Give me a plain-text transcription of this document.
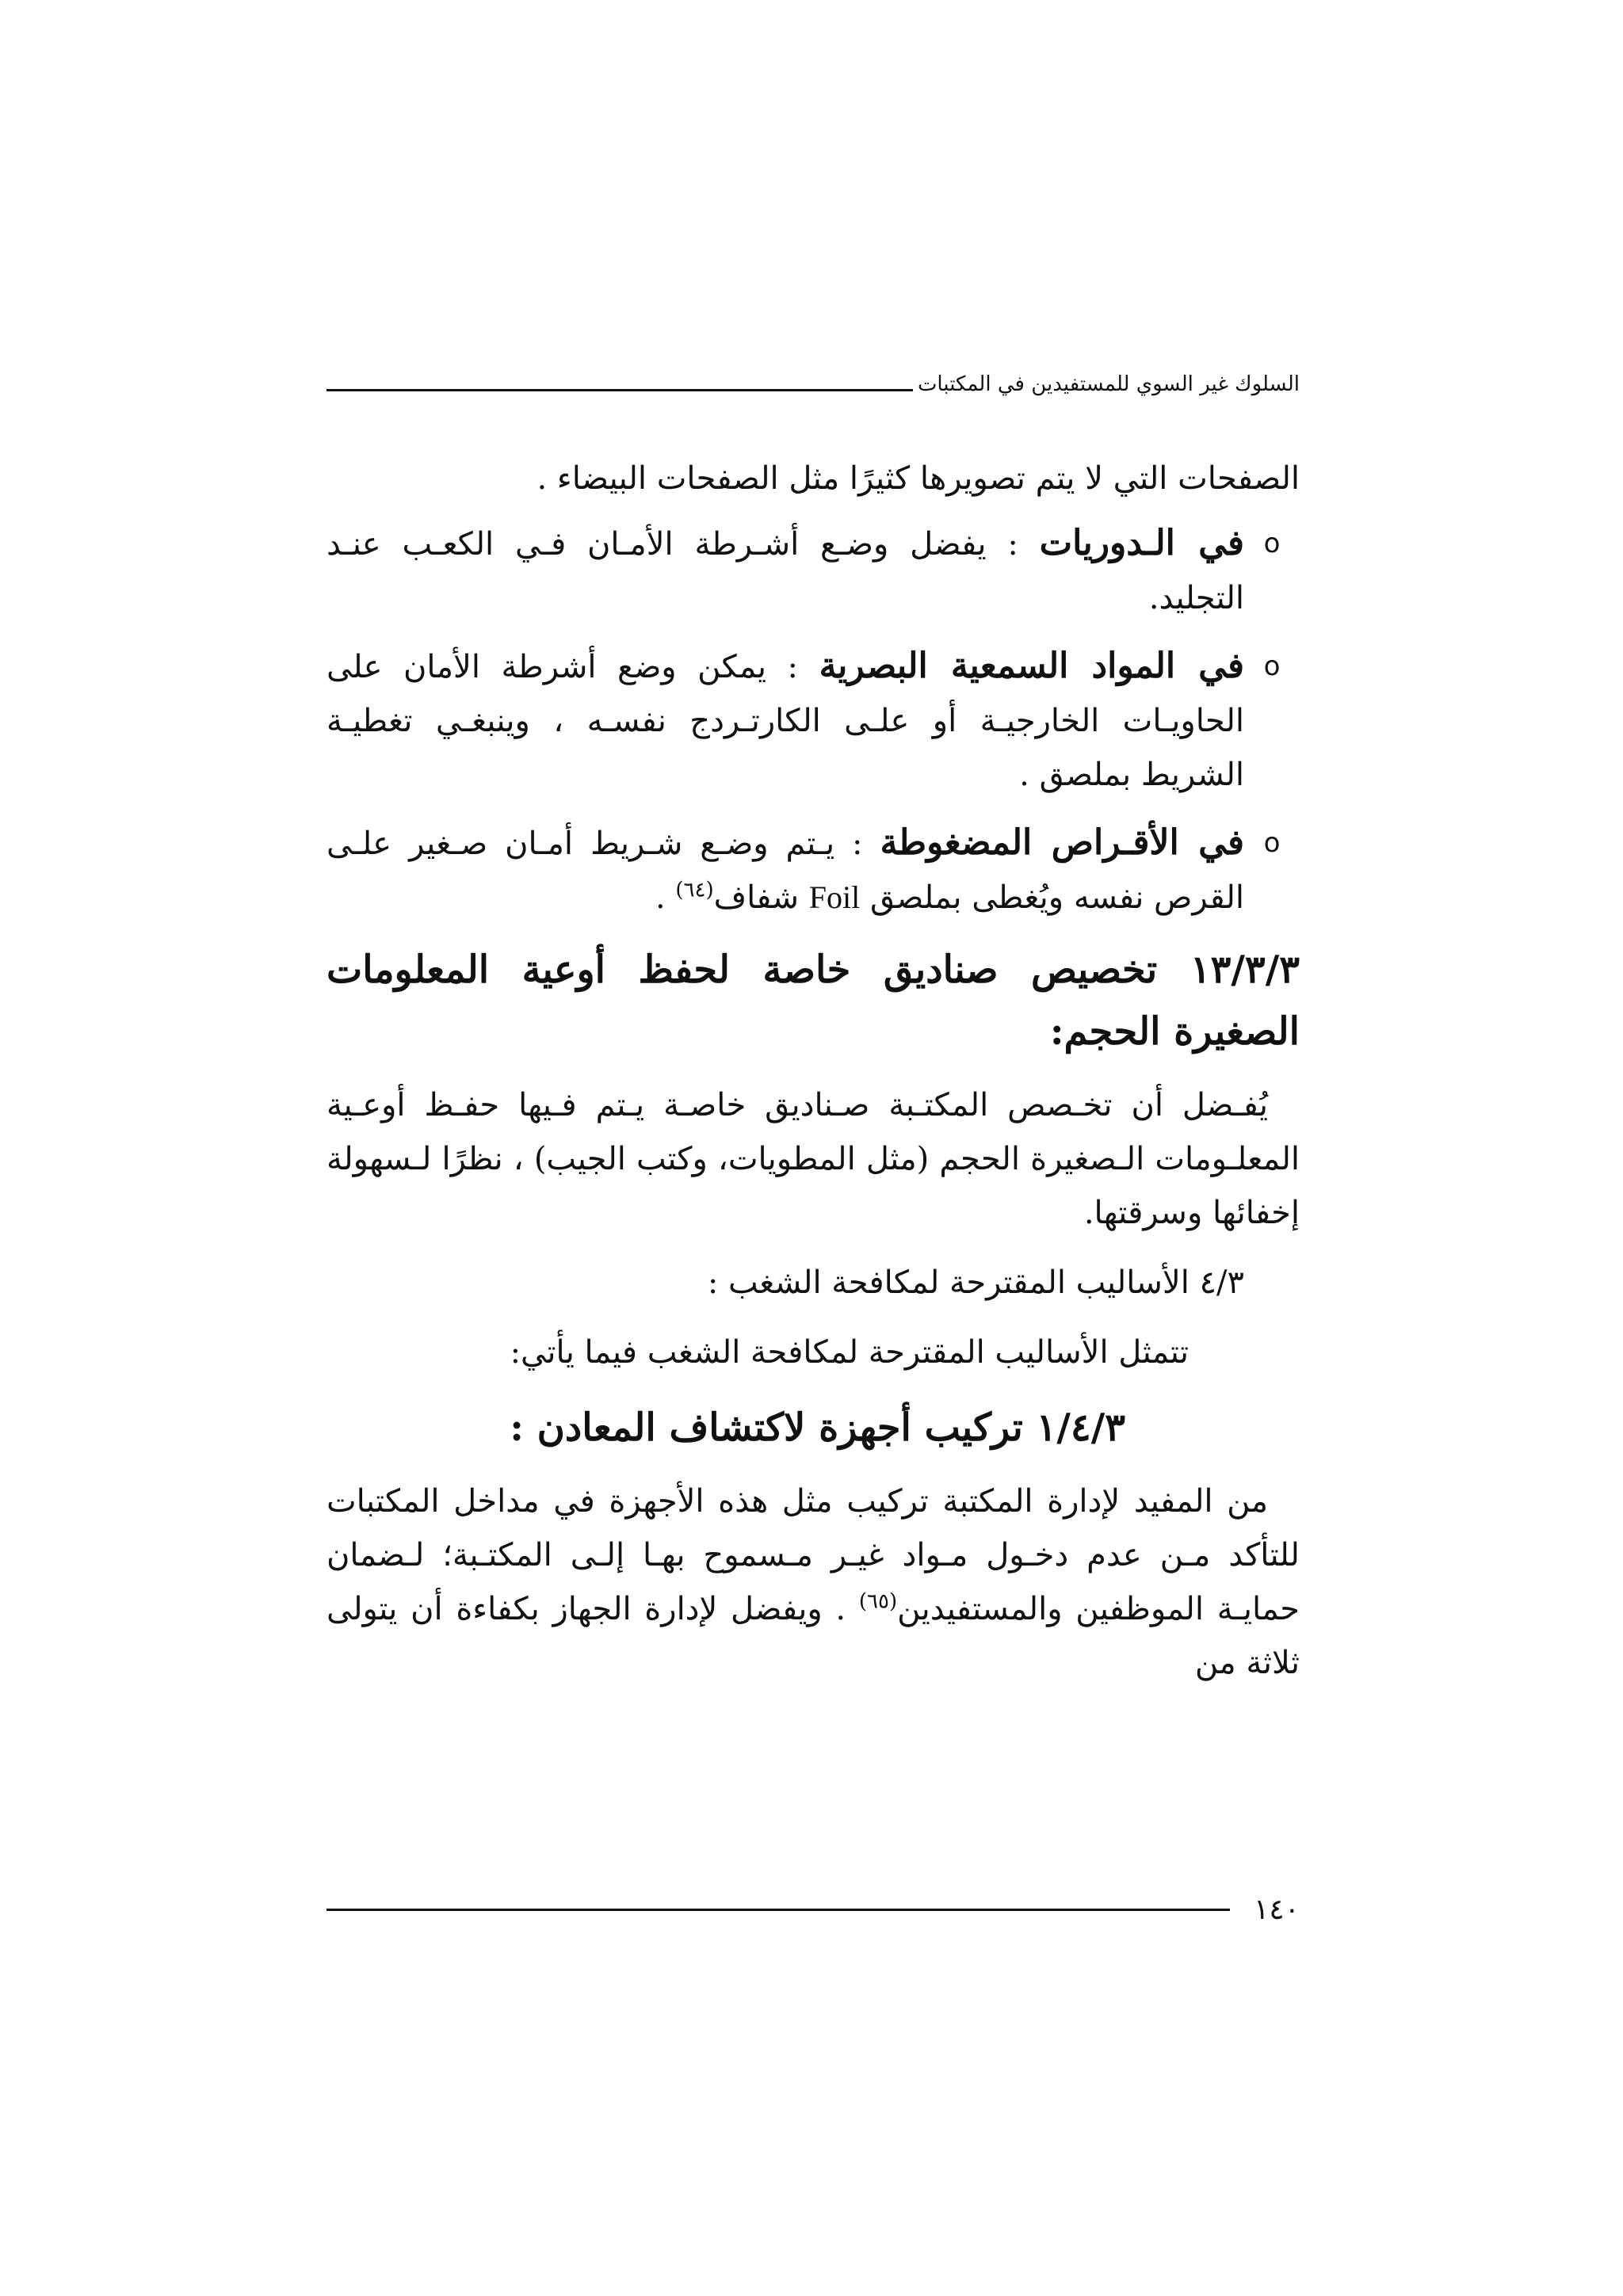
السلوك غير السوي للمستفيدين في المكتبات

الصفحات التي لا يتم تصويرها كثيرًا مثل الصفحات البيضاء .

o
في الـدوريات : يفضل وضـع أشـرطة الأمـان فـي الكعـب عنـد التجليد.
o
في المواد السمعية البصرية : يمكن وضع أشرطة الأمان على الحاويـات الخارجيـة أو علـى الكارتـردج نفسـه ، وينبغـي تغطيـة الشريط بملصق .
o
في الأقـراص المضغوطة : يـتم وضـع شـريط أمـان صـغير علـى القرص نفسه ويُغطى بملصق Foil شفاف$^{(٦٤)}$ .
١٣/٣/٣ تخصيص صناديق خاصة لحفظ أوعية المعلومات الصغيرة الحجم:

يُفـضل أن تخـصص المكتـبة صـناديق خاصـة يـتم فـيها حفـظ أوعـية المعلـومات الـصغيرة الحجم (مثل المطويات، وكتب الجيب) ، نظرًا لـسهولة إخفائها وسرقتها.

٤/٣ الأساليب المقترحة لمكافحة الشغب :

تتمثل الأساليب المقترحة لمكافحة الشغب فيما يأتي:

١/٤/٣ تركيب أجهزة لاكتشاف المعادن :

من المفيد لإدارة المكتبة تركيب مثل هذه الأجهزة في مداخل المكتبات للتأكد مـن عدم دخـول مـواد غيـر مـسموح بهـا إلـى المكتـبة؛ لـضمان حمايـة الموظفين والمستفيدين$^{(٦٥)}$ . ويفضل لإدارة الجهاز بكفاءة أن يتولى ثلاثة من

١٤٠
